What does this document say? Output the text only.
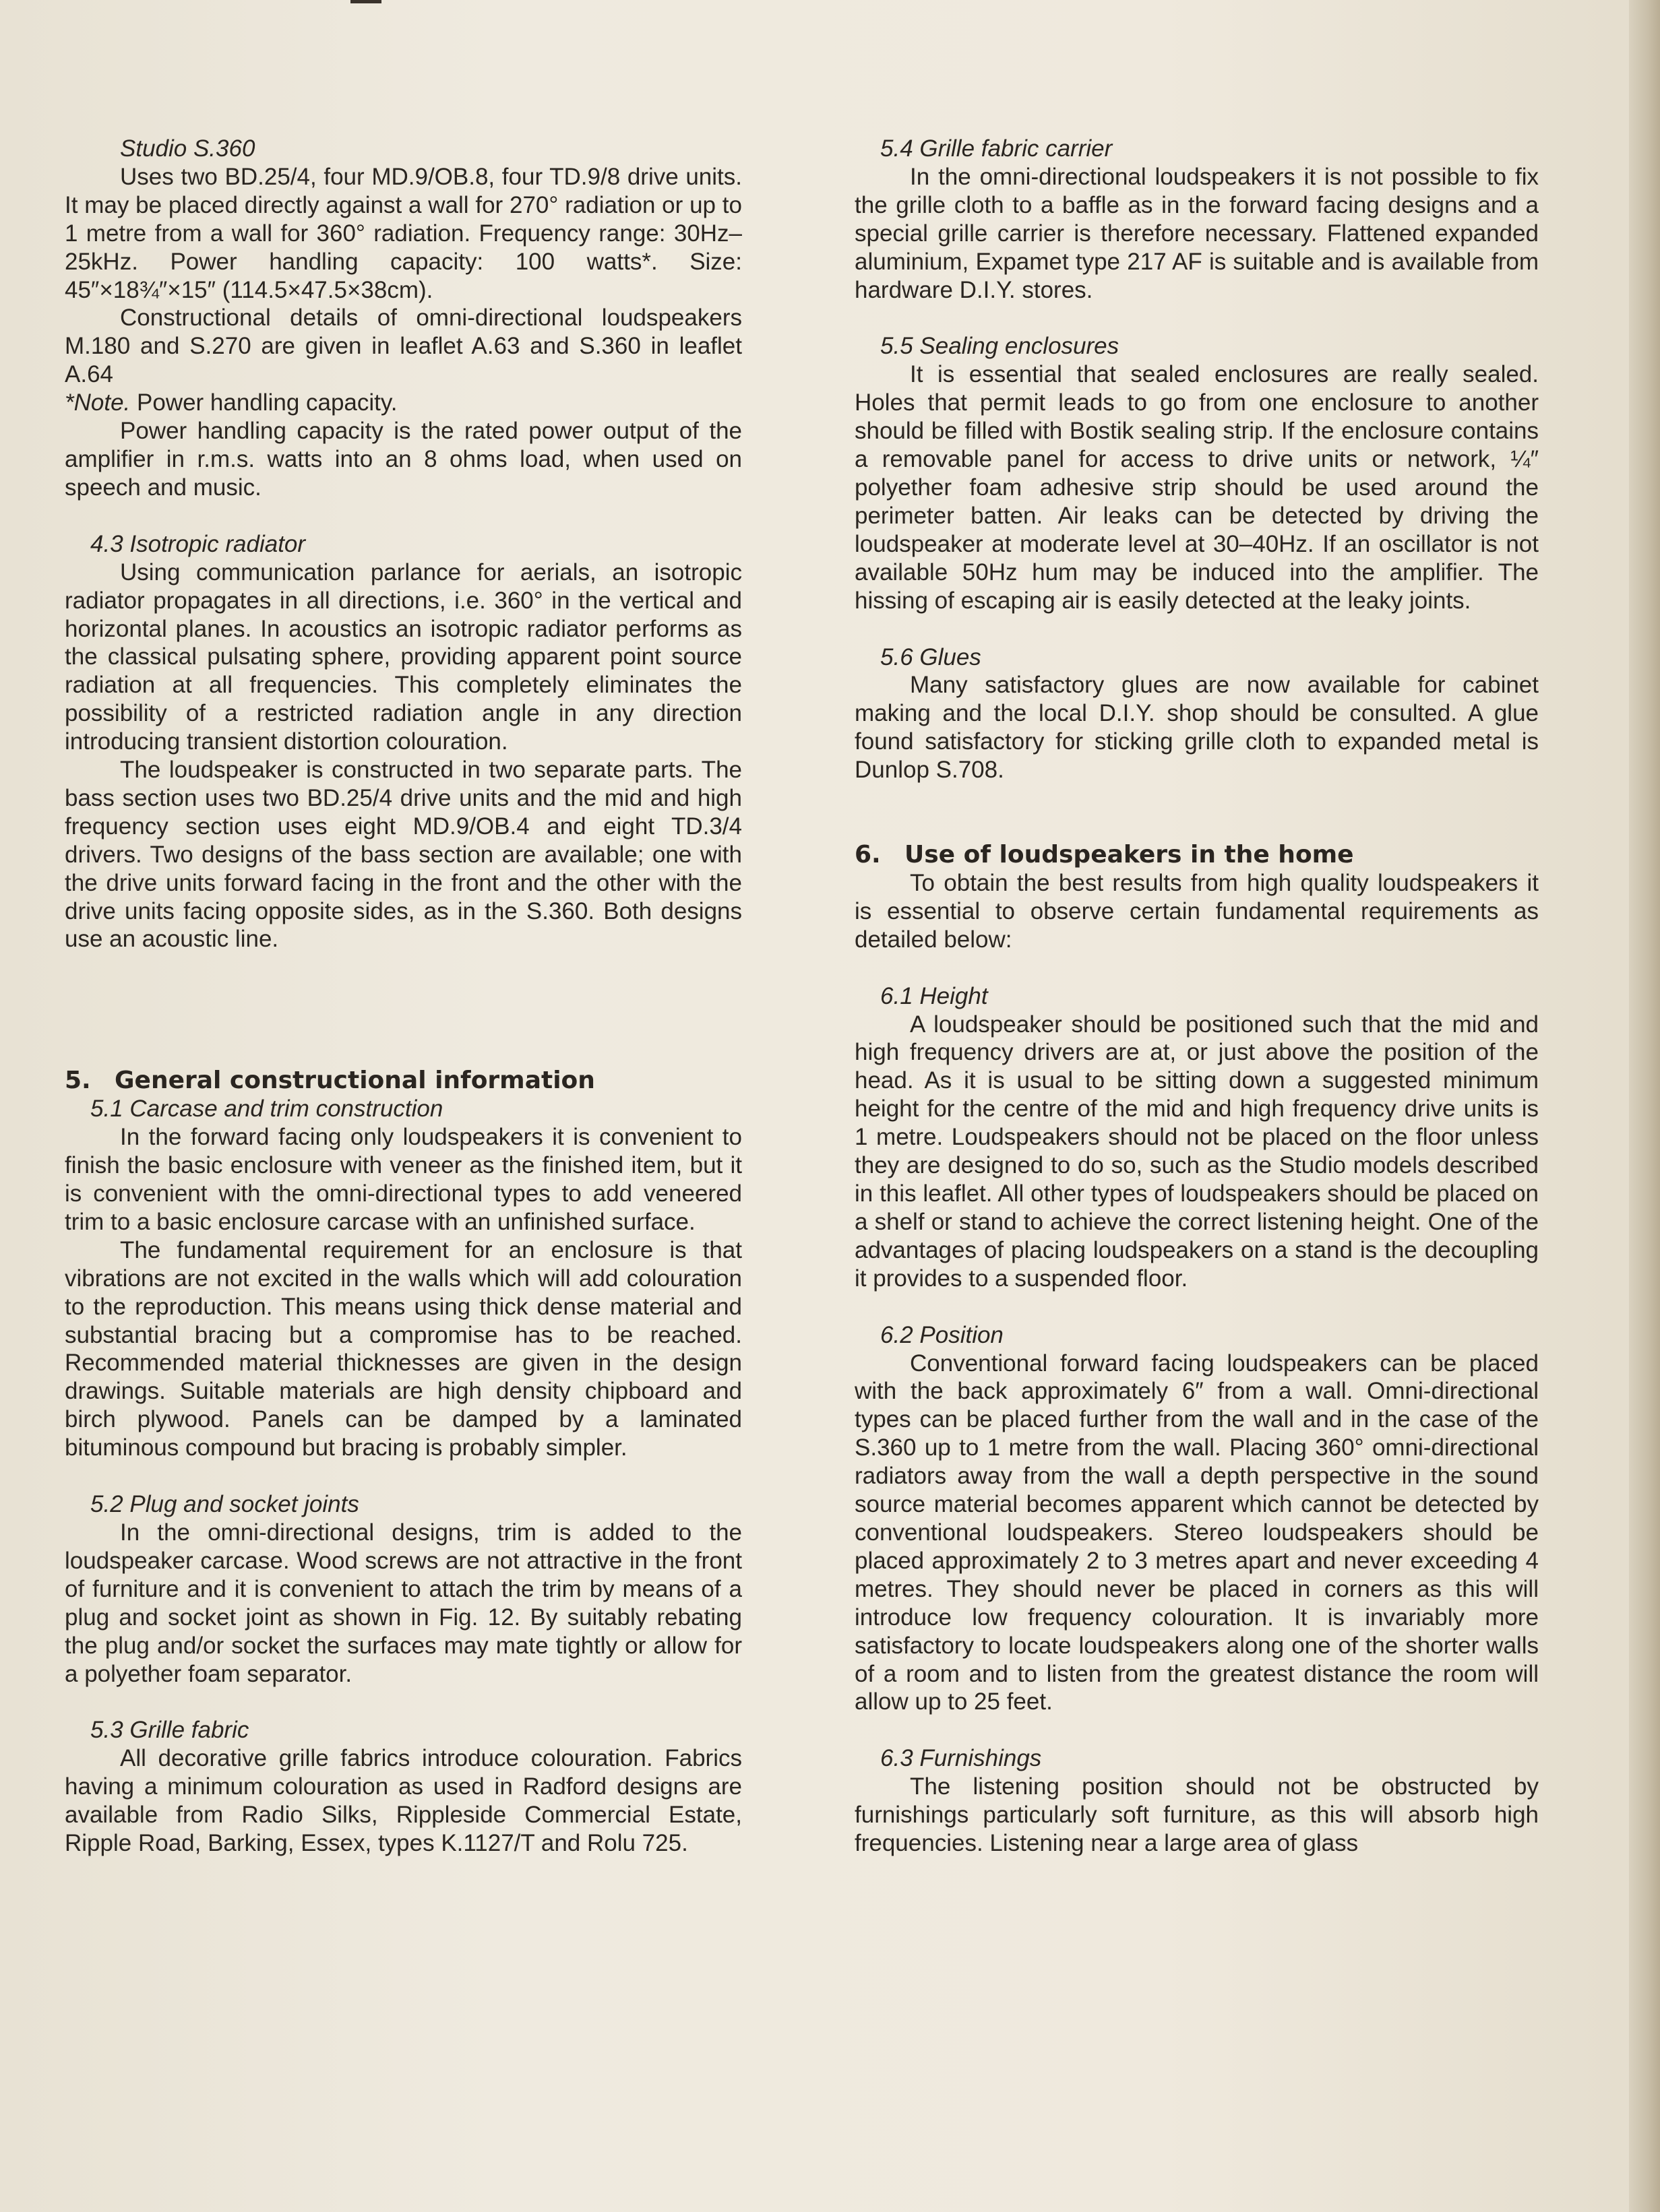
Studio S.360

Uses two BD.25/4, four MD.9/OB.8, four TD.9/8 drive units. It may be placed directly against a wall for 270° radiation or up to 1 metre from a wall for 360° radiation. Frequency range: 30Hz–25kHz. Power handling capacity: 100 watts*. Size: 45″×18¾″×15″ (114.5×47.5×38cm).

Constructional details of omni-directional loudspeakers M.180 and S.270 are given in leaflet A.63 and S.360 in leaflet A.64

*Note. Power handling capacity.

Power handling capacity is the rated power output of the amplifier in r.m.s. watts into an 8 ohms load, when used on speech and music.

4.3 Isotropic radiator

Using communication parlance for aerials, an isotropic radiator propagates in all directions, i.e. 360° in the vertical and horizontal planes. In acoustics an isotropic radiator performs as the classical pulsating sphere, providing apparent point source radiation at all frequencies. This completely eliminates the possibility of a restricted radiation angle in any direction introducing transient distortion colouration.

The loudspeaker is constructed in two separate parts. The bass section uses two BD.25/4 drive units and the mid and high frequency section uses eight MD.9/OB.4 and eight TD.3/4 drivers. Two designs of the bass section are available; one with the drive units forward facing in the front and the other with the drive units facing opposite sides, as in the S.360. Both designs use an acoustic line.

5. General constructional information
5.1 Carcase and trim construction

In the forward facing only loudspeakers it is convenient to finish the basic enclosure with veneer as the finished item, but it is convenient with the omni-directional types to add veneered trim to a basic enclosure carcase with an unfinished surface.

The fundamental requirement for an enclosure is that vibrations are not excited in the walls which will add colouration to the reproduction. This means using thick dense material and substantial bracing but a compromise has to be reached. Recommended material thicknesses are given in the design drawings. Suitable materials are high density chipboard and birch plywood. Panels can be damped by a laminated bituminous compound but bracing is probably simpler.

5.2 Plug and socket joints

In the omni-directional designs, trim is added to the loudspeaker carcase. Wood screws are not attractive in the front of furniture and it is convenient to attach the trim by means of a plug and socket joint as shown in Fig. 12. By suitably rebating the plug and/or socket the surfaces may mate tightly or allow for a polyether foam separator.

5.3 Grille fabric

All decorative grille fabrics introduce colouration. Fabrics having a minimum colouration as used in Radford designs are available from Radio Silks, Rippleside Commercial Estate, Ripple Road, Barking, Essex, types K.1127/T and Rolu 725.

5.4 Grille fabric carrier

In the omni-directional loudspeakers it is not possible to fix the grille cloth to a baffle as in the forward facing designs and a special grille carrier is therefore necessary. Flattened expanded aluminium, Expamet type 217 AF is suitable and is available from hardware D.I.Y. stores.

5.5 Sealing enclosures

It is essential that sealed enclosures are really sealed. Holes that permit leads to go from one enclosure to another should be filled with Bostik sealing strip. If the enclosure contains a removable panel for access to drive units or network, ¼″ polyether foam adhesive strip should be used around the perimeter batten. Air leaks can be detected by driving the loudspeaker at moderate level at 30–40Hz. If an oscillator is not available 50Hz hum may be induced into the amplifier. The hissing of escaping air is easily detected at the leaky joints.

5.6 Glues

Many satisfactory glues are now available for cabinet making and the local D.I.Y. shop should be consulted. A glue found satisfactory for sticking grille cloth to expanded metal is Dunlop S.708.

6. Use of loudspeakers in the home

To obtain the best results from high quality loudspeakers it is essential to observe certain fundamental requirements as detailed below:

6.1 Height

A loudspeaker should be positioned such that the mid and high frequency drivers are at, or just above the position of the head. As it is usual to be sitting down a suggested minimum height for the centre of the mid and high frequency drive units is 1 metre. Loudspeakers should not be placed on the floor unless they are designed to do so, such as the Studio models described in this leaflet. All other types of loudspeakers should be placed on a shelf or stand to achieve the correct listening height. One of the advantages of placing loudspeakers on a stand is the decoupling it provides to a suspended floor.

6.2 Position

Conventional forward facing loudspeakers can be placed with the back approximately 6″ from a wall. Omni-directional types can be placed further from the wall and in the case of the S.360 up to 1 metre from the wall. Placing 360° omni-directional radiators away from the wall a depth perspective in the sound source material becomes apparent which cannot be detected by conventional loudspeakers. Stereo loudspeakers should be placed approximately 2 to 3 metres apart and never exceeding 4 metres. They should never be placed in corners as this will introduce low frequency colouration. It is invariably more satisfactory to locate loudspeakers along one of the shorter walls of a room and to listen from the greatest distance the room will allow up to 25 feet.

6.3 Furnishings

The listening position should not be obstructed by furnishings particularly soft furniture, as this will absorb high frequencies. Listening near a large area of glass
